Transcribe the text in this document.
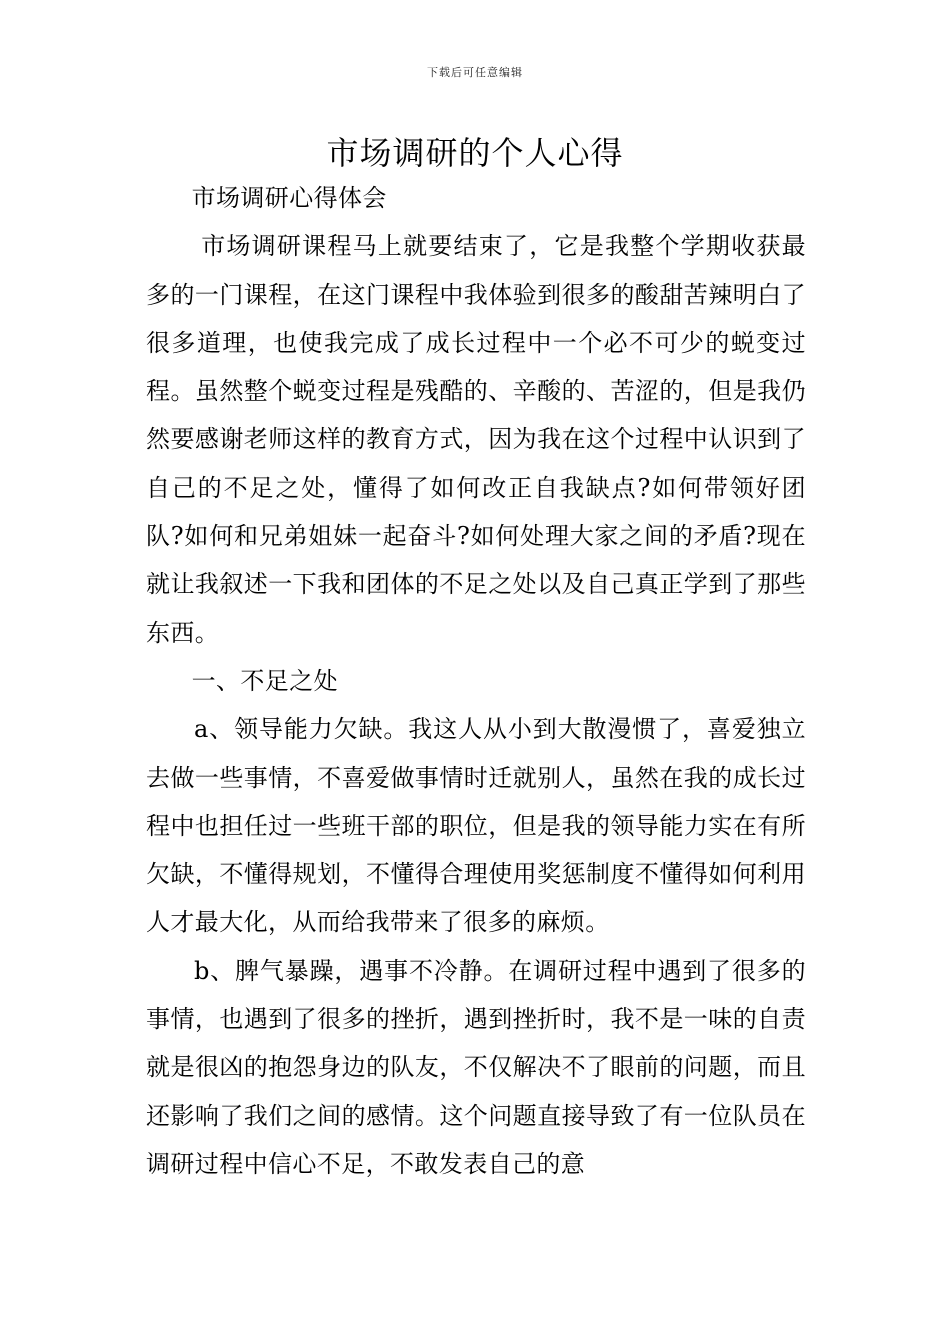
下载后可任意编辑
市场调研的个人心得

市场调研心得体会

市场调研课程马上就要结束了，它是我整个学期收获最多的一门课程，在这门课程中我体验到很多的酸甜苦辣明白了很多道理，也使我完成了成长过程中一个必不可少的蜕变过程。虽然整个蜕变过程是残酷的、辛酸的、苦涩的，但是我仍然要感谢老师这样的教育方式，因为我在这个过程中认识到了自己的不足之处，懂得了如何改正自我缺点?如何带领好团队?如何和兄弟姐妹一起奋斗?如何处理大家之间的矛盾?现在就让我叙述一下我和团体的不足之处以及自己真正学到了那些东西。

一、不足之处

a、领导能力欠缺。我这人从小到大散漫惯了，喜爱独立去做一些事情，不喜爱做事情时迁就别人，虽然在我的成长过程中也担任过一些班干部的职位，但是我的领导能力实在有所欠缺，不懂得规划，不懂得合理使用奖惩制度不懂得如何利用人才最大化，从而给我带来了很多的麻烦。

b、脾气暴躁，遇事不冷静。在调研过程中遇到了很多的事情，也遇到了很多的挫折，遇到挫折时，我不是一味的自责就是很凶的抱怨身边的队友，不仅解决不了眼前的问题，而且还影响了我们之间的感情。这个问题直接导致了有一位队员在调研过程中信心不足，不敢发表自己的意
